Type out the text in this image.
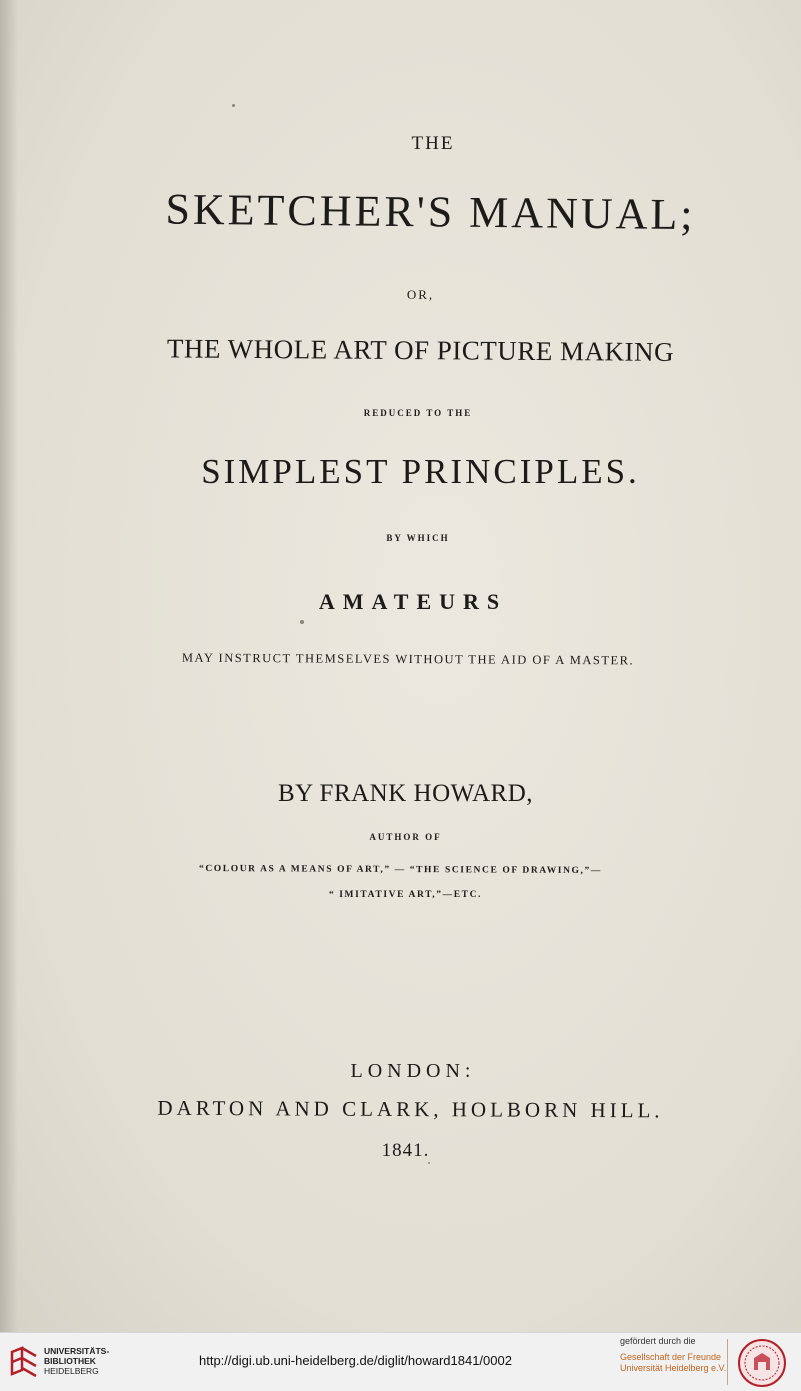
THE
SKETCHER'S MANUAL;
OR,
THE WHOLE ART OF PICTURE MAKING
REDUCED TO THE
SIMPLEST PRINCIPLES.
BY WHICH
AMATEURS
MAY INSTRUCT THEMSELVES WITHOUT THE AID OF A MASTER.
BY FRANK HOWARD,
AUTHOR OF
“COLOUR AS A MEANS OF ART,” — “THE SCIENCE OF DRAWING,”—
“ IMITATIVE ART,”—ETC.
LONDON:
DARTON AND CLARK, HOLBORN HILL.
1841.
UNIVERSITÄTS-
BIBLIOTHEK
HEIDELBERG
http://digi.ub.uni-heidelberg.de/diglit/howard1841/0002
gefördert durch die
Gesellschaft der Freunde
Universität Heidelberg e.V.
